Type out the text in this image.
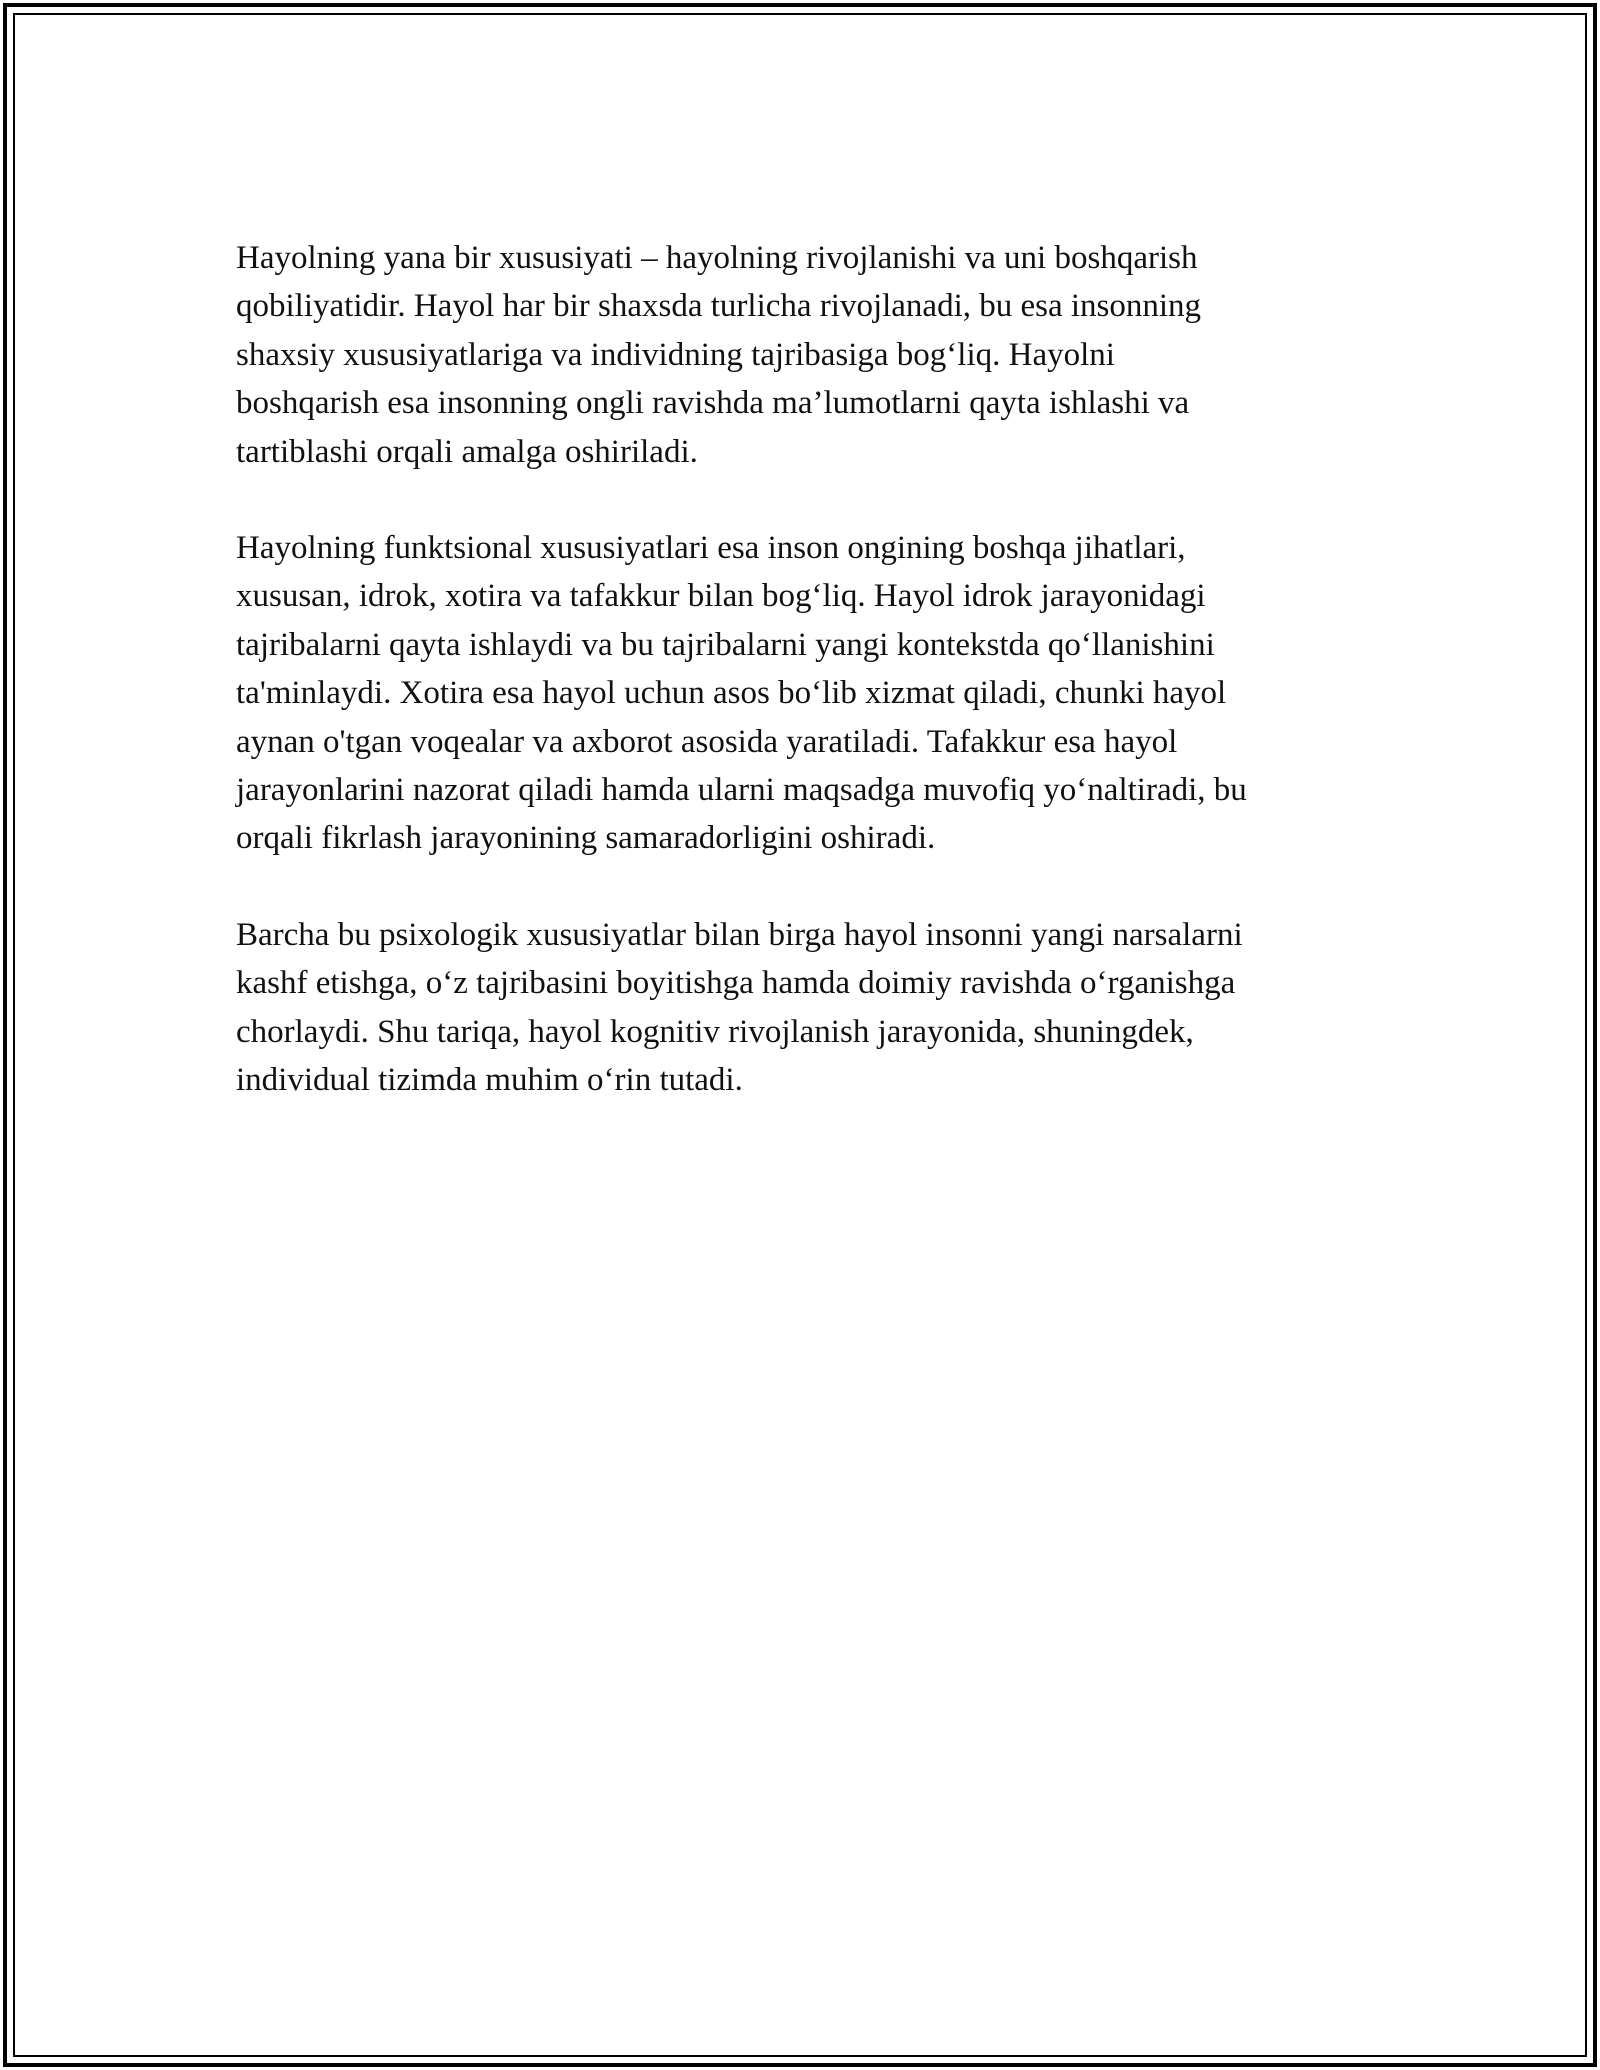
Hayolning yana bir xususiyati – hayolning rivojlanishi va uni boshqarish
qobiliyatidir. Hayol har bir shaxsda turlicha rivojlanadi, bu esa insonning
shaxsiy xususiyatlariga va individning tajribasiga bog‘liq. Hayolni
boshqarish esa insonning ongli ravishda ma’lumotlarni qayta ishlashi va
tartiblashi orqali amalga oshiriladi.

Hayolning funktsional xususiyatlari esa inson ongining boshqa jihatlari,
xususan, idrok, xotira va tafakkur bilan bog‘liq. Hayol idrok jarayonidagi
tajribalarni qayta ishlaydi va bu tajribalarni yangi kontekstda qo‘llanishini
ta'minlaydi. Xotira esa hayol uchun asos bo‘lib xizmat qiladi, chunki hayol
aynan o'tgan voqealar va axborot asosida yaratiladi. Tafakkur esa hayol
jarayonlarini nazorat qiladi hamda ularni maqsadga muvofiq yo‘naltiradi, bu
orqali fikrlash jarayonining samaradorligini oshiradi.

Barcha bu psixologik xususiyatlar bilan birga hayol insonni yangi narsalarni
kashf etishga, o‘z tajribasini boyitishga hamda doimiy ravishda o‘rganishga
chorlaydi. Shu tariqa, hayol kognitiv rivojlanish jarayonida, shuningdek,
individual tizimda muhim o‘rin tutadi.
